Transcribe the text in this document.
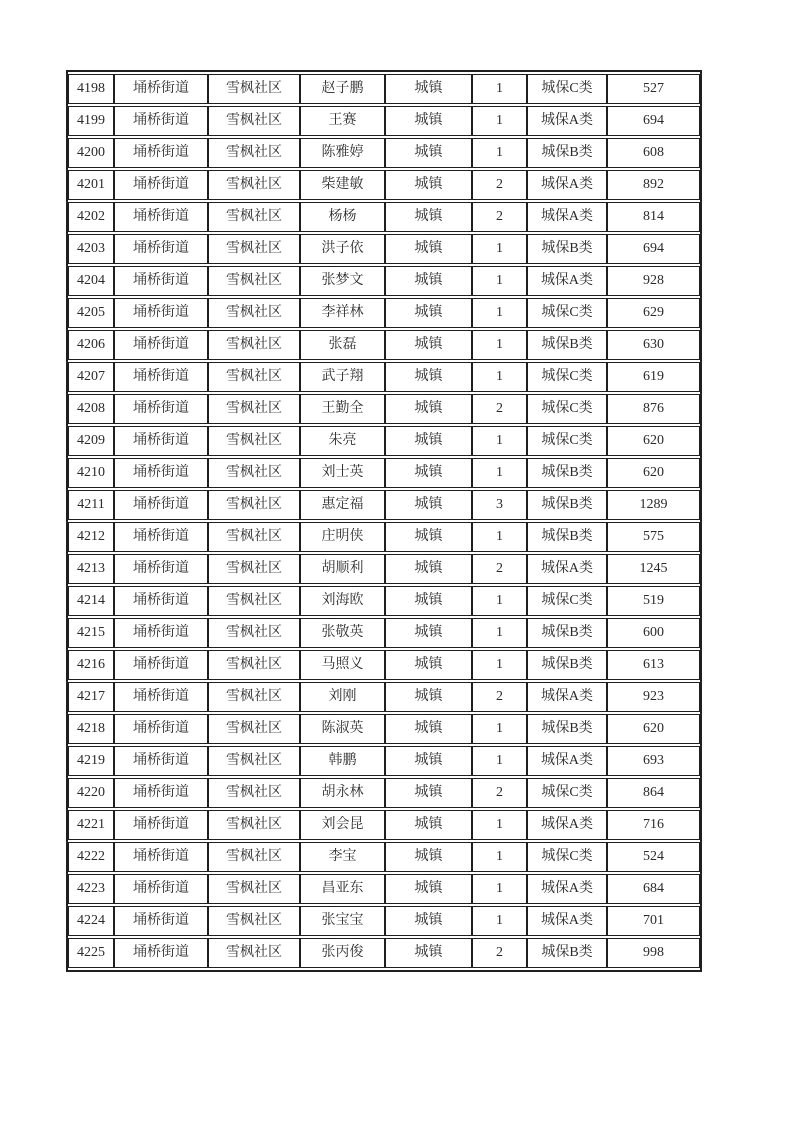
4198	埇桥街道	雪枫社区	赵子鹏	城镇	1	城保C类	527
4199	埇桥街道	雪枫社区	王赛	城镇	1	城保A类	694
4200	埇桥街道	雪枫社区	陈雅婷	城镇	1	城保B类	608
4201	埇桥街道	雪枫社区	柴建敏	城镇	2	城保A类	892
4202	埇桥街道	雪枫社区	杨杨	城镇	2	城保A类	814
4203	埇桥街道	雪枫社区	洪子依	城镇	1	城保B类	694
4204	埇桥街道	雪枫社区	张梦文	城镇	1	城保A类	928
4205	埇桥街道	雪枫社区	李祥林	城镇	1	城保C类	629
4206	埇桥街道	雪枫社区	张磊	城镇	1	城保B类	630
4207	埇桥街道	雪枫社区	武子翔	城镇	1	城保C类	619
4208	埇桥街道	雪枫社区	王勤全	城镇	2	城保C类	876
4209	埇桥街道	雪枫社区	朱亮	城镇	1	城保C类	620
4210	埇桥街道	雪枫社区	刘士英	城镇	1	城保B类	620
4211	埇桥街道	雪枫社区	惠定福	城镇	3	城保B类	1289
4212	埇桥街道	雪枫社区	庄明侠	城镇	1	城保B类	575
4213	埇桥街道	雪枫社区	胡顺利	城镇	2	城保A类	1245
4214	埇桥街道	雪枫社区	刘海欧	城镇	1	城保C类	519
4215	埇桥街道	雪枫社区	张敬英	城镇	1	城保B类	600
4216	埇桥街道	雪枫社区	马照义	城镇	1	城保B类	613
4217	埇桥街道	雪枫社区	刘刚	城镇	2	城保A类	923
4218	埇桥街道	雪枫社区	陈淑英	城镇	1	城保B类	620
4219	埇桥街道	雪枫社区	韩鹏	城镇	1	城保A类	693
4220	埇桥街道	雪枫社区	胡永林	城镇	2	城保C类	864
4221	埇桥街道	雪枫社区	刘会昆	城镇	1	城保A类	716
4222	埇桥街道	雪枫社区	李宝	城镇	1	城保C类	524
4223	埇桥街道	雪枫社区	昌亚东	城镇	1	城保A类	684
4224	埇桥街道	雪枫社区	张宝宝	城镇	1	城保A类	701
4225	埇桥街道	雪枫社区	张丙俊	城镇	2	城保B类	998
